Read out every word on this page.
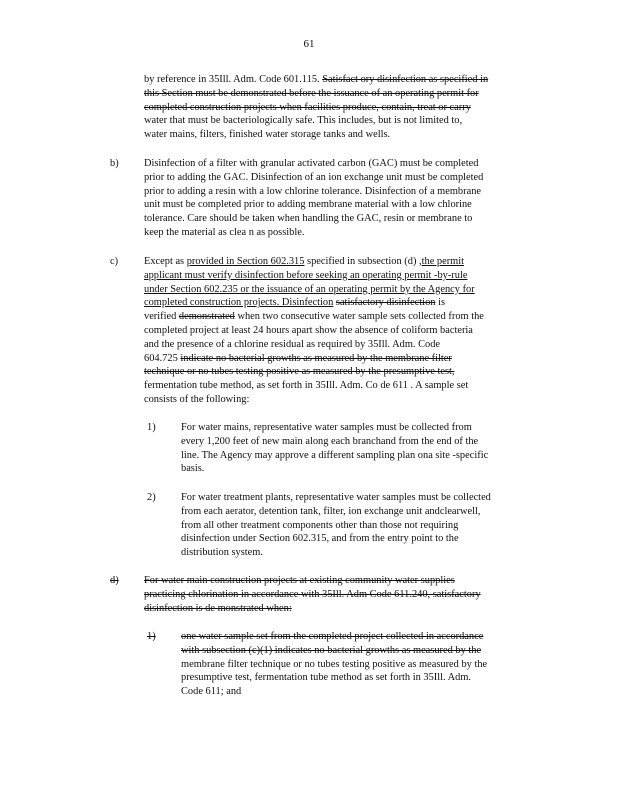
61
by reference in 35Ill. Adm. Code 601.115. Satisfact ory disinfection as specified in
this Section must be demonstrated before the issuance of an operating permit for
completed construction projects when facilities produce, contain, treat or carry
water that must be bacteriologically safe. This includes, but is not limited to,
water mains, filters, finished water storage tanks and wells.
b) Disinfection of a filter with granular activated carbon (GAC) must be completed
prior to adding the GAC. Disinfection of an ion exchange unit must be completed
prior to adding a resin with a low chlorine tolerance. Disinfection of a membrane
unit must be completed prior to adding membrane material with a low chlorine
tolerance. Care should be taken when handling the GAC, resin or membrane to
keep the material as clea n as possible.
c) Except as provided in Section 602.315 specified in subsection (d) ,the permit
applicant must verify disinfection before seeking an operating permit -by-rule
under Section 602.235 or the issuance of an operating permit by the Agency for
completed construction projects. Disinfection satisfactory disinfection is
verified demonstrated when two consecutive water sample sets collected from the
completed project at least 24 hours apart show the absence of coliform bacteria
and the presence of a chlorine residual as required by 35Ill. Adm. Code
604.725 indicate no bacterial growths as measured by the membrane filter
technique or no tubes testing positive as measured by the presumptive test,
fermentation tube method, as set forth in 35Ill. Adm. Co de 611 . A sample set
consists of the following:
1) For water mains, representative water samples must be collected from
every 1,200 feet of new main along each branchand from the end of the
line. The Agency may approve a different sampling plan ona site -specific
basis.
2) For water treatment plants, representative water samples must be collected
from each aerator, detention tank, filter, ion exchange unit andclearwell,
from all other treatment components other than those not requiring
disinfection under Section 602.315, and from the entry point to the
distribution system.
d) For water main construction projects at existing community water supplies
practicing chlorination in accordance with 35Ill. Adm Code 611.240, satisfactory
disinfection is de monstrated when:
1) one water sample set from the completed project collected in accordance
with subsection (c)(1) indicates no bacterial growths as measured by the
membrane filter technique or no tubes testing positive as measured by the
presumptive test, fermentation tube method as set forth in 35Ill. Adm.
Code 611; and
